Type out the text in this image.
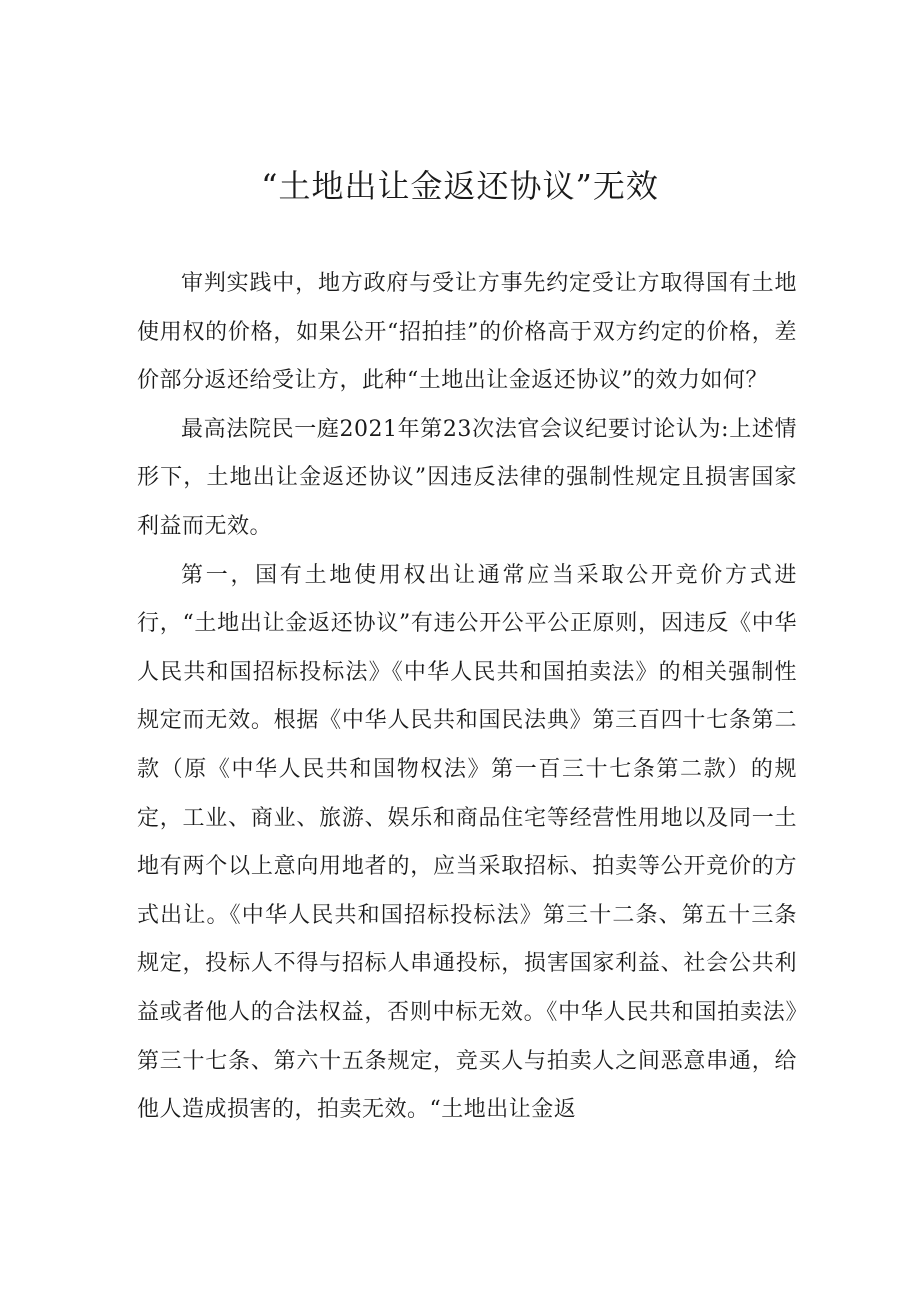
“土地出让金返还协议”无效

审判实践中，地方政府与受让方事先约定受让方取得国有土地使用权的价格，如果公开“招拍挂”的价格高于双方约定的价格，差价部分返还给受让方，此种“土地出让金返还协议”的效力如何？

最高法院民一庭2021年第23次法官会议纪要讨论认为:上述情形下，土地出让金返还协议”因违反法律的强制性规定且损害国家利益而无效。

第一，国有土地使用权出让通常应当采取公开竞价方式进行，“土地出让金返还协议”有违公开公平公正原则，因违反《中华人民共和国招标投标法》《中华人民共和国拍卖法》的相关强制性规定而无效。根据《中华人民共和国民法典》第三百四十七条第二款（原《中华人民共和国物权法》第一百三十七条第二款）的规定，工业、商业、旅游、娱乐和商品住宅等经营性用地以及同一土地有两个以上意向用地者的，应当采取招标、拍卖等公开竞价的方式出让。《中华人民共和国招标投标法》第三十二条、第五十三条规定，投标人不得与招标人串通投标，损害国家利益、社会公共利益或者他人的合法权益，否则中标无效。《中华人民共和国拍卖法》第三十七条、第六十五条规定，竞买人与拍卖人之间恶意串通，给他人造成损害的，拍卖无效。“土地出让金返
